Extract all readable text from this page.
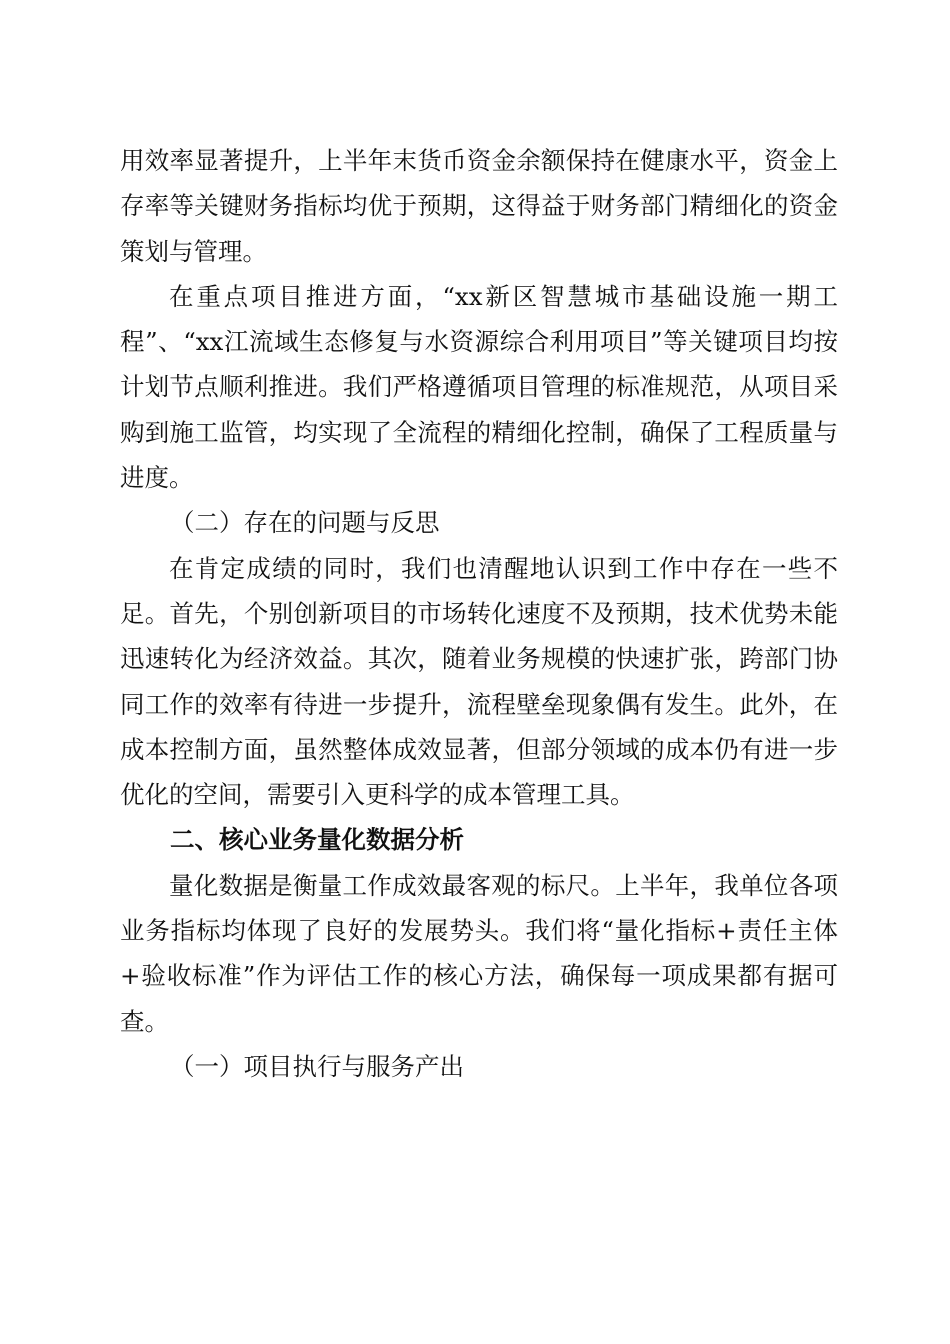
用效率显著提升，上半年末货币资金余额保持在健康水平，资金上存率等关键财务指标均优于预期，这得益于财务部门精细化的资金策划与管理。

在重点项目推进方面，“xx新区智慧城市基础设施一期工程”、“xx江流域生态修复与水资源综合利用项目”等关键项目均按计划节点顺利推进。我们严格遵循项目管理的标准规范，从项目采购到施工监管，均实现了全流程的精细化控制，确保了工程质量与进度。

（二）存在的问题与反思

在肯定成绩的同时，我们也清醒地认识到工作中存在一些不足。首先，个别创新项目的市场转化速度不及预期，技术优势未能迅速转化为经济效益。其次，随着业务规模的快速扩张，跨部门协同工作的效率有待进一步提升，流程壁垒现象偶有发生。此外，在成本控制方面，虽然整体成效显著，但部分领域的成本仍有进一步优化的空间，需要引入更科学的成本管理工具。

二、核心业务量化数据分析

量化数据是衡量工作成效最客观的标尺。上半年，我单位各项业务指标均体现了良好的发展势头。我们将“量化指标+责任主体+验收标准”作为评估工作的核心方法，确保每一项成果都有据可查。

（一）项目执行与服务产出
